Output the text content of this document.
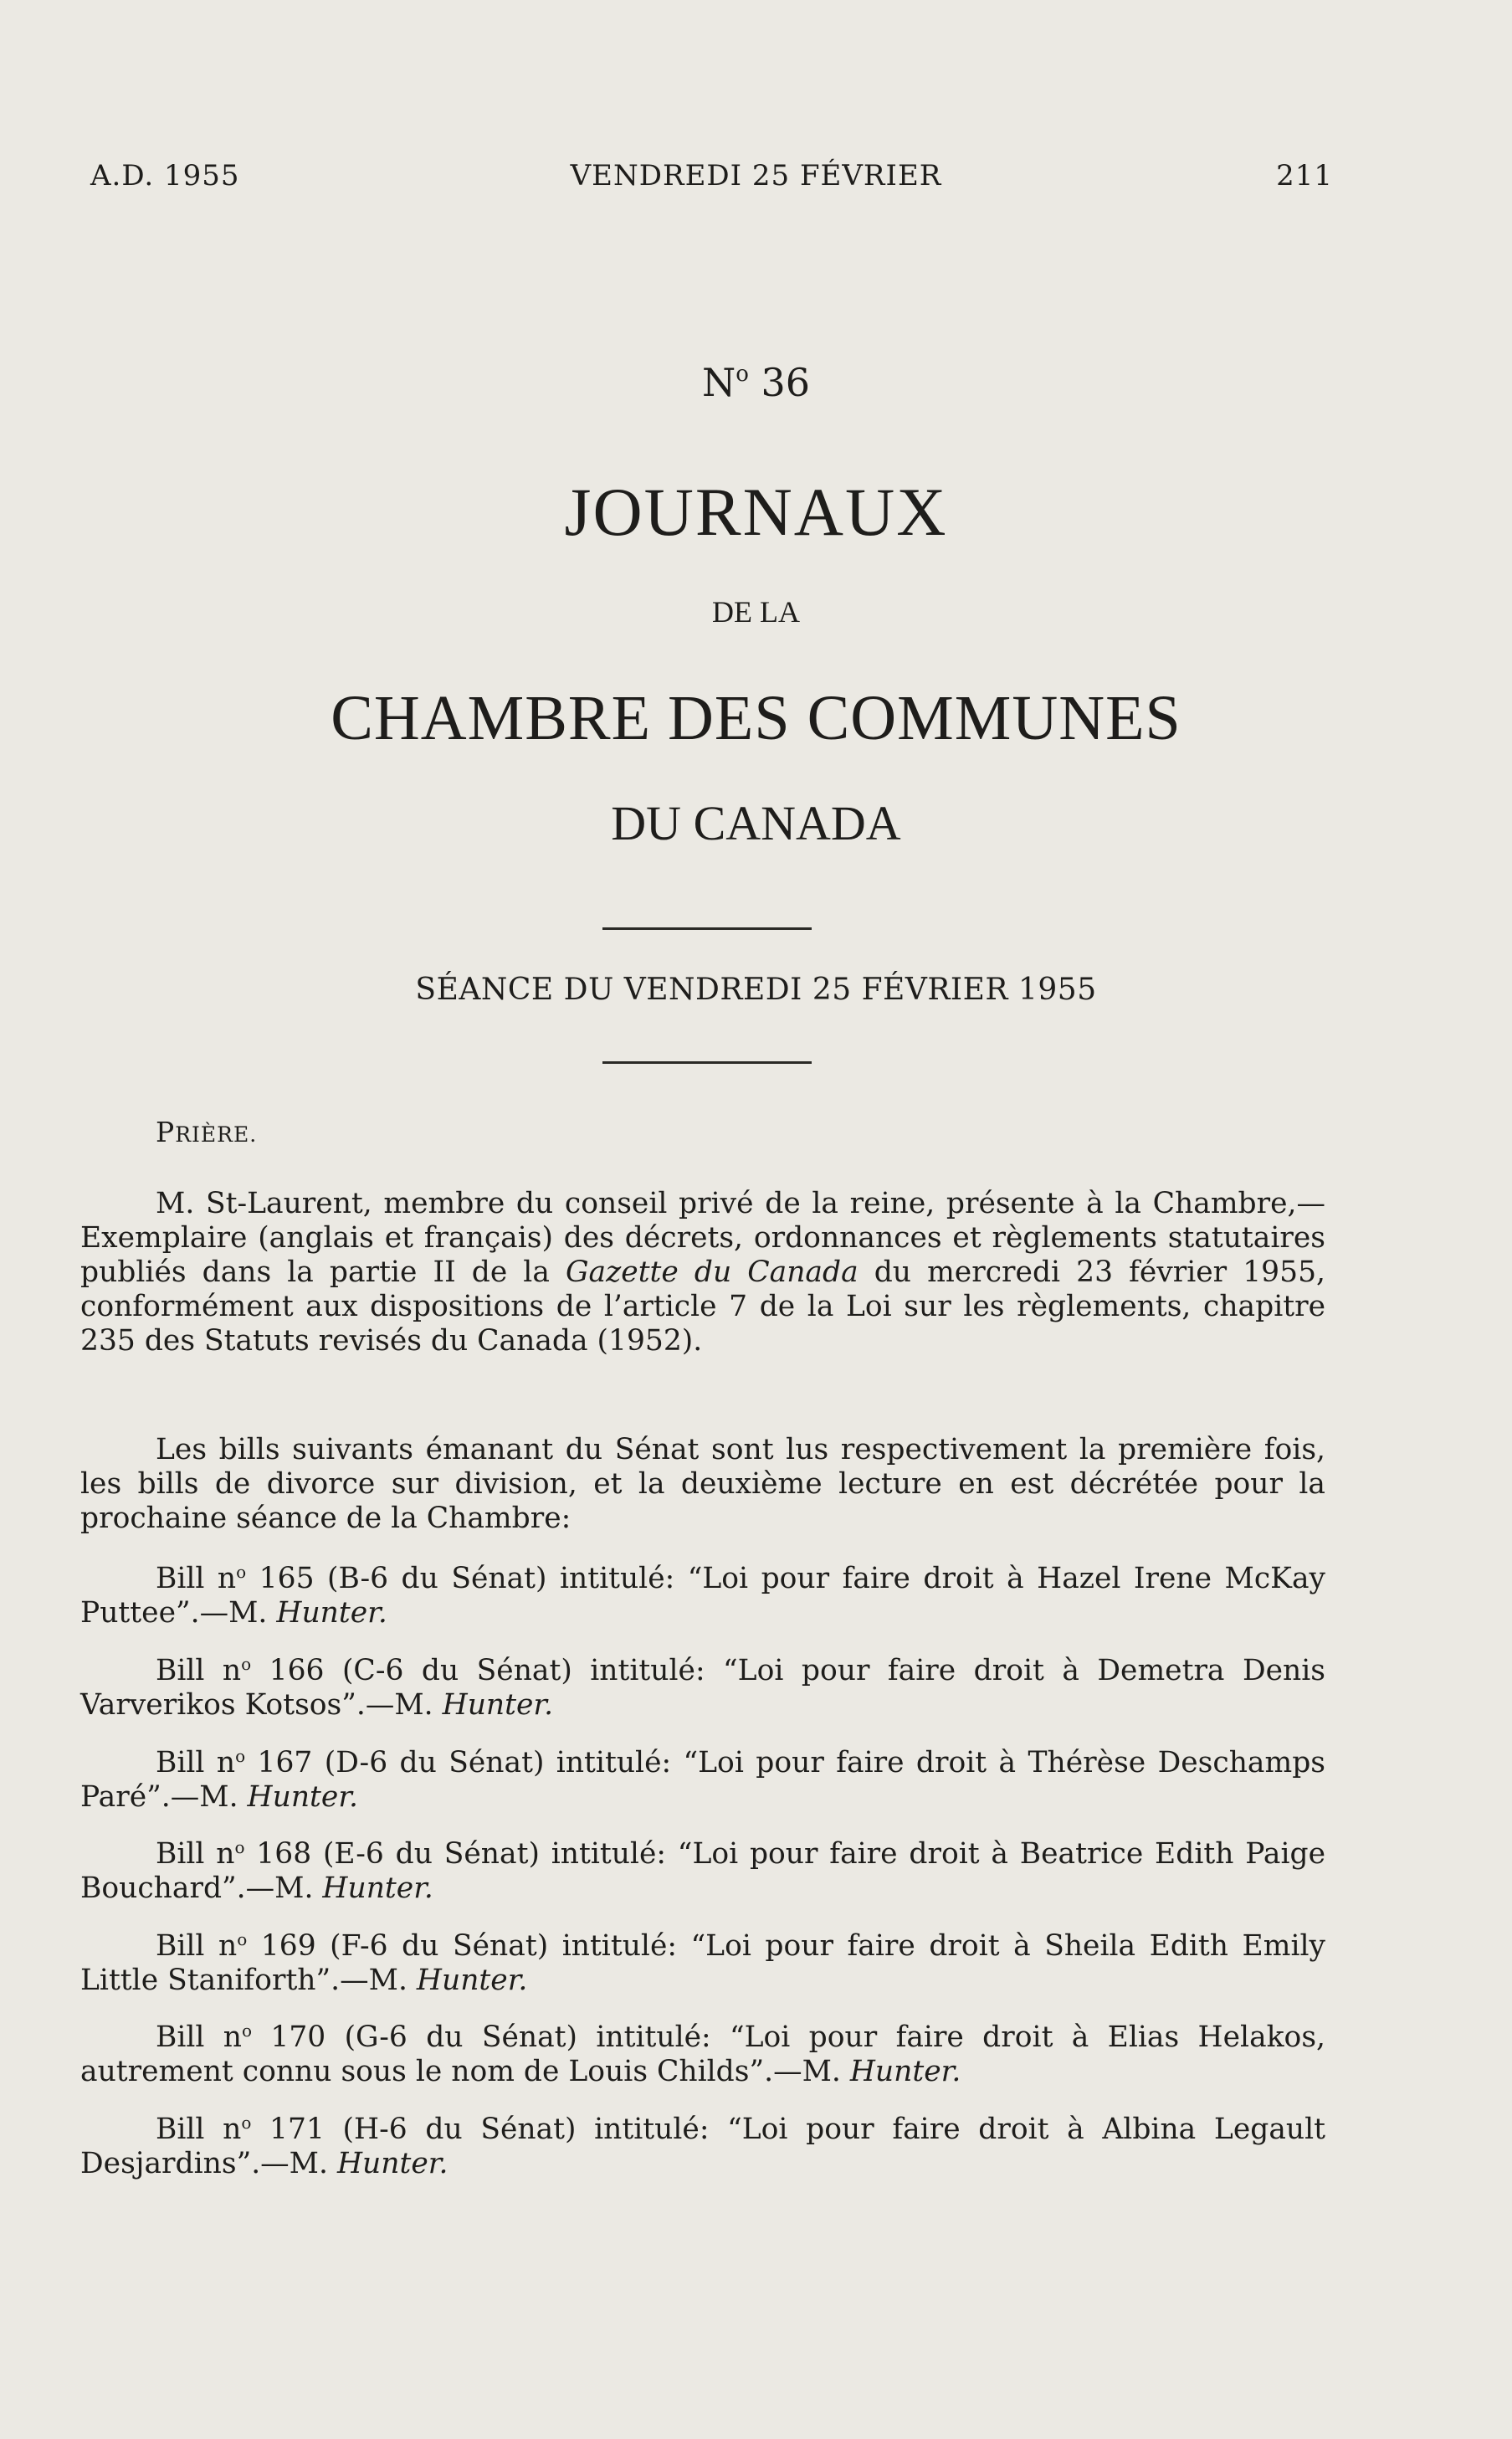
A.D. 1955	VENDREDI 25 FÉVRIER	211
$N^o$ 36
JOURNAUX
DE LA
CHAMBRE DES COMMUNES
DU CANADA
SÉANCE DU VENDREDI 25 FÉVRIER 1955
PRIÈRE.

M. St-Laurent, membre du conseil privé de la reine, présente à la Chambre,—Exemplaire (anglais et français) des décrets, ordonnances et règlements statutaires publiés dans la partie II de la Gazette du Canada du mercredi 23 février 1955, conformément aux dispositions de l’article 7 de la Loi sur les règlements, chapitre 235 des Statuts revisés du Canada (1952).

Les bills suivants émanant du Sénat sont lus respectivement la première fois, les bills de divorce sur division, et la deuxième lecture en est décrétée pour la prochaine séance de la Chambre:

Bill $n^o$ 165 (B-6 du Sénat) intitulé: “Loi pour faire droit à Hazel Irene McKay Puttee”.—M. Hunter.

Bill $n^o$ 166 (C-6 du Sénat) intitulé: “Loi pour faire droit à Demetra Denis Varverikos Kotsos”.—M. Hunter.

Bill $n^o$ 167 (D-6 du Sénat) intitulé: “Loi pour faire droit à Thérèse Deschamps Paré”.—M. Hunter.

Bill $n^o$ 168 (E-6 du Sénat) intitulé: “Loi pour faire droit à Beatrice Edith Paige Bouchard”.—M. Hunter.

Bill $n^o$ 169 (F-6 du Sénat) intitulé: “Loi pour faire droit à Sheila Edith Emily Little Staniforth”.—M. Hunter.

Bill $n^o$ 170 (G-6 du Sénat) intitulé: “Loi pour faire droit à Elias Helakos, autrement connu sous le nom de Louis Childs”.—M. Hunter.

Bill $n^o$ 171 (H-6 du Sénat) intitulé: “Loi pour faire droit à Albina Legault Desjardins”.—M. Hunter.
